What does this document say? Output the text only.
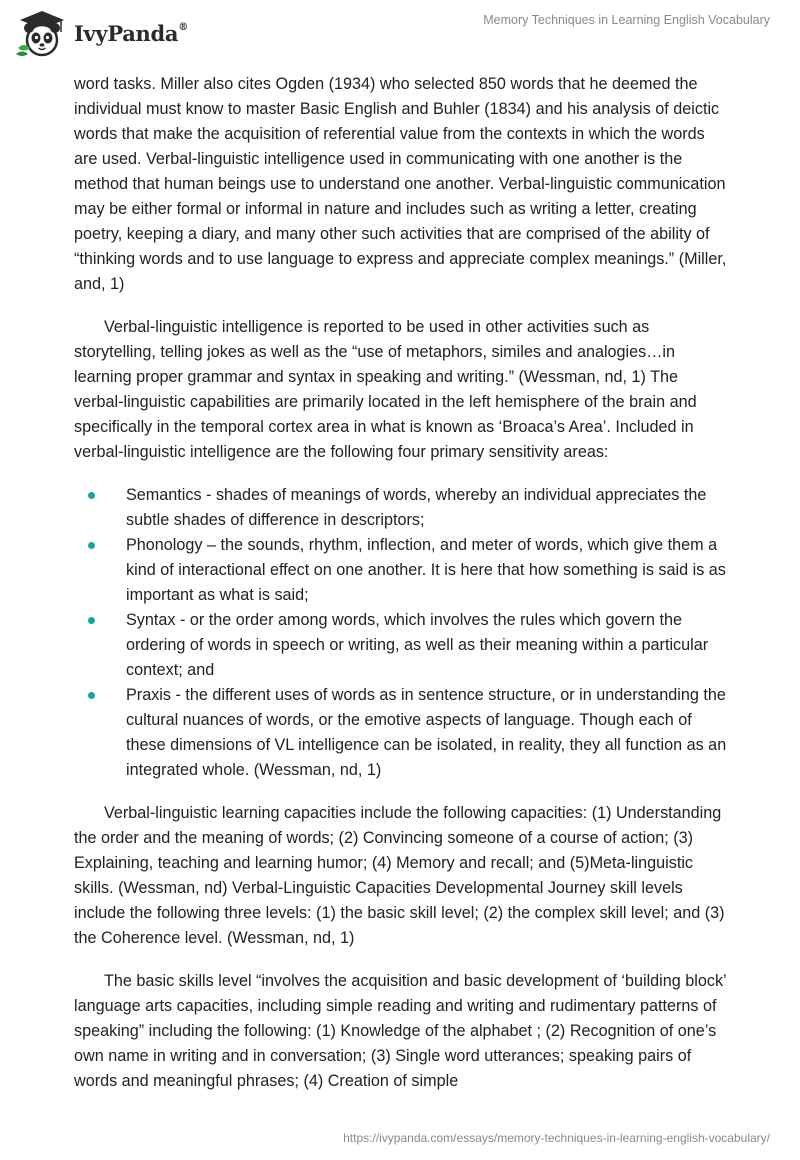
IvyPanda®	Memory Techniques in Learning English Vocabulary

word tasks. Miller also cites Ogden (1934) who selected 850 words that he deemed the individual must know to master Basic English and Buhler (1834) and his analysis of deictic words that make the acquisition of referential value from the contexts in which the words are used. Verbal-linguistic intelligence used in communicating with one another is the method that human beings use to understand one another. Verbal-linguistic communication may be either formal or informal in nature and includes such as writing a letter, creating poetry, keeping a diary, and many other such activities that are comprised of the ability of “thinking words and to use language to express and appreciate complex meanings.” (Miller, and, 1)

Verbal-linguistic intelligence is reported to be used in other activities such as storytelling, telling jokes as well as the “use of metaphors, similes and analogies…in learning proper grammar and syntax in speaking and writing.” (Wessman, nd, 1) The verbal-linguistic capabilities are primarily located in the left hemisphere of the brain and specifically in the temporal cortex area in what is known as ‘Broaca’s Area’. Included in verbal-linguistic intelligence are the following four primary sensitivity areas:

Semantics - shades of meanings of words, whereby an individual appreciates the subtle shades of difference in descriptors;
Phonology – the sounds, rhythm, inflection, and meter of words, which give them a kind of interactional effect on one another. It is here that how something is said is as important as what is said;
Syntax - or the order among words, which involves the rules which govern the ordering of words in speech or writing, as well as their meaning within a particular context; and
Praxis - the different uses of words as in sentence structure, or in understanding the cultural nuances of words, or the emotive aspects of language. Though each of these dimensions of VL intelligence can be isolated, in reality, they all function as an integrated whole. (Wessman, nd, 1)

Verbal-linguistic learning capacities include the following capacities: (1) Understanding the order and the meaning of words; (2) Convincing someone of a course of action; (3) Explaining, teaching and learning humor; (4) Memory and recall; and (5)Meta-linguistic skills. (Wessman, nd) Verbal-Linguistic Capacities Developmental Journey skill levels include the following three levels: (1) the basic skill level; (2) the complex skill level; and (3) the Coherence level. (Wessman, nd, 1)

The basic skills level “involves the acquisition and basic development of ‘building block’ language arts capacities, including simple reading and writing and rudimentary patterns of speaking” including the following: (1) Knowledge of the alphabet ; (2) Recognition of one’s own name in writing and in conversation; (3) Single word utterances; speaking pairs of words and meaningful phrases; (4) Creation of simple

https://ivypanda.com/essays/memory-techniques-in-learning-english-vocabulary/
